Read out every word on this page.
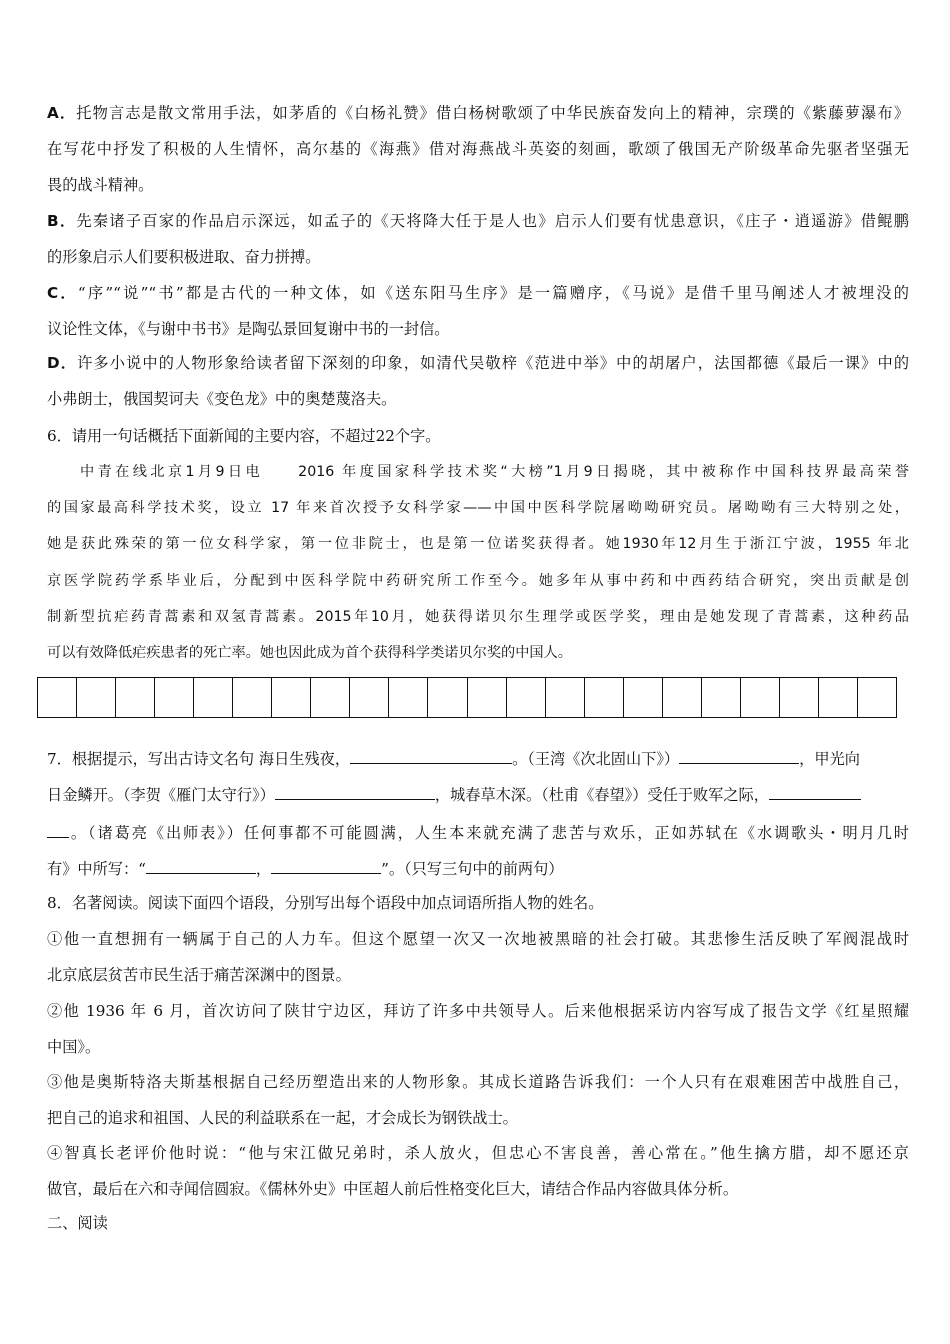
A．托物言志是散文常用手法，如茅盾的《白杨礼赞》借白杨树歌颂了中华民族奋发向上的精神，宗璞的《紫藤萝瀑布》
在写花中抒发了积极的人生情怀，高尔基的《海燕》借对海燕战斗英姿的刻画，歌颂了俄国无产阶级革命先驱者坚强无
畏的战斗精神。
B．先秦诸子百家的作品启示深远，如孟子的《天将降大任于是人也》启示人们要有忧患意识，《庄子・逍遥游》借鲲鹏
的形象启示人们要积极进取、奋力拼搏。
C．“序”“说”“书”都是古代的一种文体，如《送东阳马生序》是一篇赠序，《马说》是借千里马阐述人才被埋没的
议论性文体，《与谢中书书》是陶弘景回复谢中书的一封信。
D．许多小说中的人物形象给读者留下深刻的印象，如清代吴敬梓《范进中举》中的胡屠户，法国都德《最后一课》中的
小弗朗士，俄国契诃夫《变色龙》中的奥楚蔑洛夫。
6．请用一句话概括下面新闻的主要内容，不超过22个字。
中青在线北京1月9日电　　2016 年度国家科学技术奖“大榜”1月9日揭晓，其中被称作中国科技界最高荣誉
的国家最高科学技术奖，设立 17 年来首次授予女科学家——中国中医科学院屠呦呦研究员。屠呦呦有三大特别之处，
她是获此殊荣的第一位女科学家，第一位非院士，也是第一位诺奖获得者。她1930年12月生于浙江宁波，1955 年北
京医学院药学系毕业后，分配到中医科学院中药研究所工作至今。她多年从事中药和中西药结合研究，突出贡献是创
制新型抗疟药青蒿素和双氢青蒿素。2015年10月，她获得诺贝尔生理学或医学奖，理由是她发现了青蒿素，这种药品
可以有效降低疟疾患者的死亡率。她也因此成为首个获得科学类诺贝尔奖的中国人。
7．根据提示，写出古诗文名句 海日生残夜，	。（王湾《次北固山下》）	，甲光向
日金鳞开。（李贺《雁门太守行》）	，城春草木深。（杜甫《春望》）受任于败军之际，
。（诸葛亮《出师表》）任何事都不可能圆满，人生本来就充满了悲苦与欢乐，正如苏轼在《水调歌头・明月几时
有》中所写：“	，	”。（只写三句中的前两句）
8．名著阅读。阅读下面四个语段，分别写出每个语段中加点词语所指人物的姓名。
①他一直想拥有一辆属于自己的人力车。但这个愿望一次又一次地被黑暗的社会打破。其悲惨生活反映了军阀混战时
北京底层贫苦市民生活于痛苦深渊中的图景。
②他 1936 年 6 月，首次访问了陕甘宁边区，拜访了许多中共领导人。后来他根据采访内容写成了报告文学《红星照耀
中国》。
③他是奥斯特洛夫斯基根据自己经历塑造出来的人物形象。其成长道路告诉我们：一个人只有在艰难困苦中战胜自己，
把自己的追求和祖国、人民的利益联系在一起，才会成长为钢铁战士。
④智真长老评价他时说：“他与宋江做兄弟时，杀人放火，但忠心不害良善，善心常在。”他生擒方腊，却不愿还京
做官，最后在六和寺闻信圆寂。《儒林外史》中匡超人前后性格变化巨大，请结合作品内容做具体分析。
二、阅读
